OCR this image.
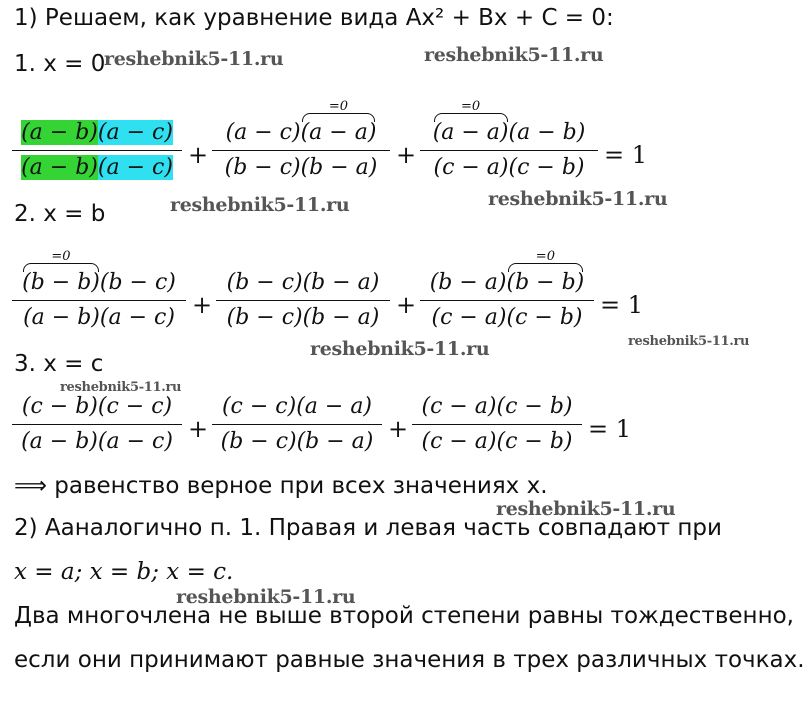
1) Решаем, как уравнение вида Ax² + Bx + C = 0:
1. x = 0
(a − b)(a − c)
(a − b)(a − c) +
(a − c)
=0
(a − a)
(b − c)(b − a) +
=0
(a − a)(a − b)
(c − a)(c − b) = 1
2. x = b
=0
(b − b)(b − c)
(a − b)(a − c) +
(b − c)(b − a)
(b − c)(b − a) +
(b − a)
=0
(b − b)
(c − a)(c − b) = 1
3. x = c
(c − b)(c − c)
(a − b)(a − c) +
(c − c)(a − a)
(b − c)(b − a) +
(c − a)(c − b)
(c − a)(c − b) = 1
⟹ равенство верное при всех значениях x.
2) Ааналогично п. 1. Правая и левая часть совпадают при
x = a; x = b; x = c.
Два многочлена не выше второй степени равны тождественно,
если они принимают равные значения в трех различных точках.
reshebnik5-11.ru	reshebnik5-11.ru
reshebnik5-11.ru	reshebnik5-11.ru
reshebnik5-11.ru	reshebnik5-11.ru
reshebnik5-11.ru
reshebnik5-11.ru
reshebnik5-11.ru
